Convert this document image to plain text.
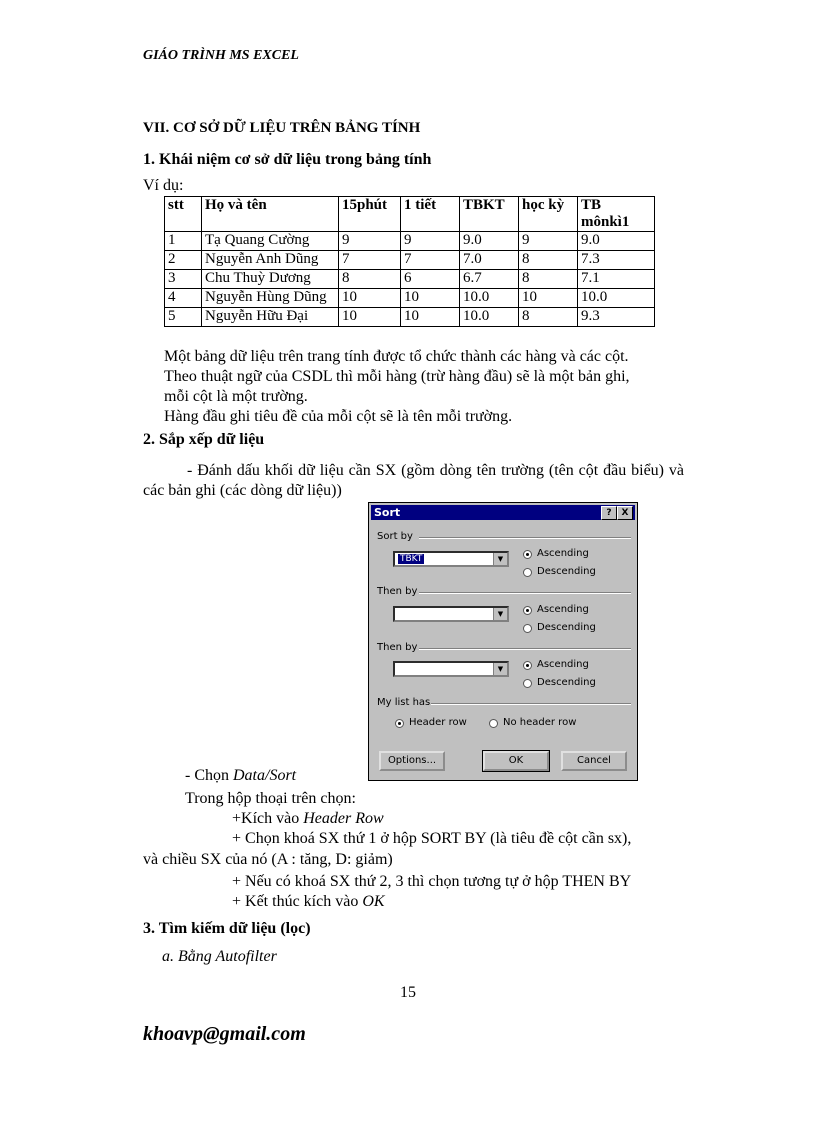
GIÁO TRÌNH MS EXCEL
VII. CƠ SỞ DỮ LIỆU TRÊN BẢNG TÍNH
1. Khái niệm cơ sở dữ liệu trong bảng tính
Ví dụ:
stt	Họ và tên	15phút	1 tiết	TBKT	học kỳ	TB
mônkì1
1	Tạ Quang Cường	9	9	9.0	9	9.0
2	Nguyễn Anh Dũng	7	7	7.0	8	7.3
3	Chu Thuỳ Dương	8	6	6.7	8	7.1
4	Nguyễn Hùng Dũng	10	10	10.0	10	10.0
5	Nguyễn Hữu Đại	10	10	10.0	8	9.3
Một bảng dữ liệu trên trang tính được tổ chức thành các hàng và các cột.
Theo thuật ngữ của CSDL thì mỗi hàng (trừ hàng đầu) sẽ là một bản ghi,
mỗi cột là một trường.
Hàng đầu ghi tiêu đề của mỗi cột sẽ là tên mỗi trường.
2. Sắp xếp dữ liệu
- Đánh dấu khối dữ liệu cần SX (gồm dòng tên trường (tên cột đầu biểu) và các bản ghi (các dòng dữ liệu))
Sort	?	X
Sort by
TBKT	▼	Ascending
Descending
Then by
▼	Ascending
Descending
Then by
▼	Ascending
Descending
My list has
Header row	No header row
Options...	OK	Cancel
- Chọn Data/Sort
Trong hộp thoại trên chọn:
+Kích vào Header Row
+ Chọn khoá SX thứ 1 ở hộp SORT BY (là tiêu đề cột cần sx),
và chiều SX của nó (A : tăng, D: giảm)
+ Nếu có khoá SX thứ 2, 3 thì chọn tương tự ở hộp THEN BY
+ Kết thúc kích vào OK
3. Tìm kiếm dữ liệu (lọc)
a. Bằng Autofilter
15
khoavp@gmail.com
